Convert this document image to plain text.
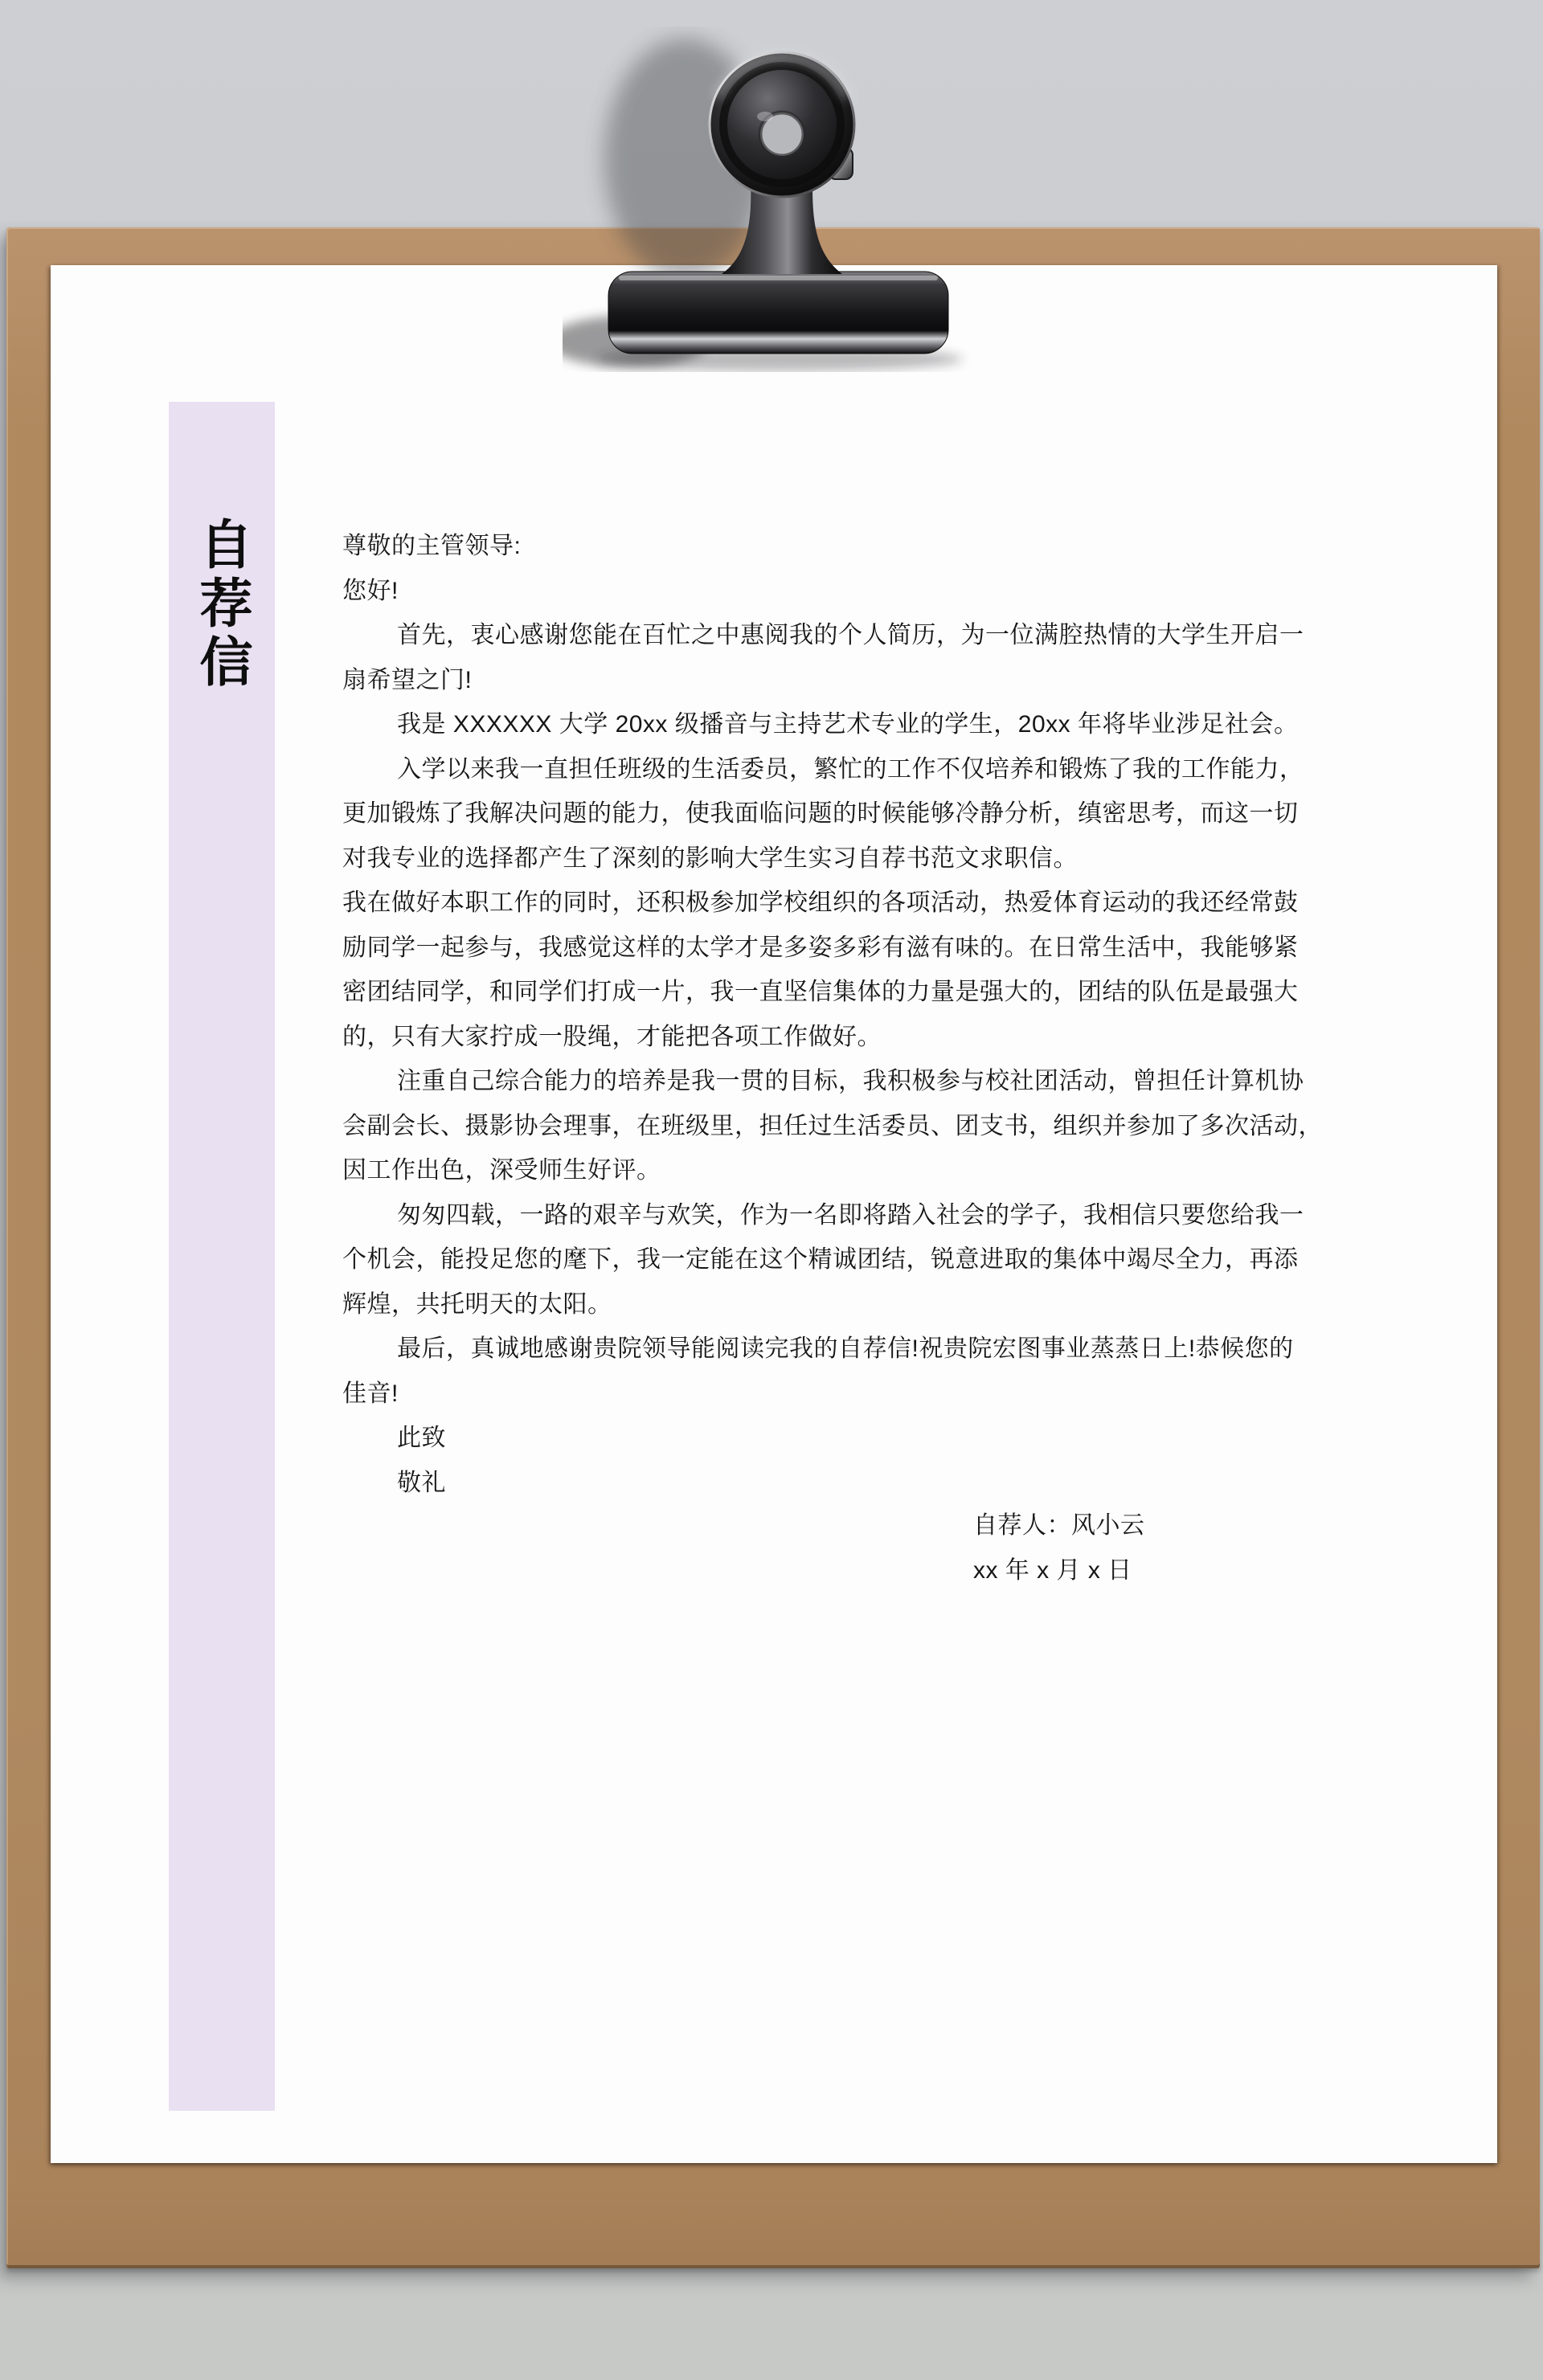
自荐信	尊敬的主管领导:
您好!
首先，衷心感谢您能在百忙之中惠阅我的个人简历，为一位满腔热情的大学生开启一
扇希望之门!
我是 XXXXXX 大学 20xx 级播音与主持艺术专业的学生，20xx 年将毕业涉足社会。
入学以来我一直担任班级的生活委员，繁忙的工作不仅培养和锻炼了我的工作能力，
更加锻炼了我解决问题的能力，使我面临问题的时候能够冷静分析，缜密思考，而这一切
对我专业的选择都产生了深刻的影响大学生实习自荐书范文求职信。
我在做好本职工作的同时，还积极参加学校组织的各项活动，热爱体育运动的我还经常鼓
励同学一起参与，我感觉这样的太学才是多姿多彩有滋有味的。在日常生活中，我能够紧
密团结同学，和同学们打成一片，我一直坚信集体的力量是强大的，团结的队伍是最强大
的，只有大家拧成一股绳，才能把各项工作做好。
注重自己综合能力的培养是我一贯的目标，我积极参与校社团活动，曾担任计算机协
会副会长、摄影协会理事，在班级里，担任过生活委员、团支书，组织并参加了多次活动，
因工作出色，深受师生好评。
匆匆四载，一路的艰辛与欢笑，作为一名即将踏入社会的学子，我相信只要您给我一
个机会，能投足您的麾下，我一定能在这个精诚团结，锐意进取的集体中竭尽全力，再添
辉煌，共托明天的太阳。
最后，真诚地感谢贵院领导能阅读完我的自荐信!祝贵院宏图事业蒸蒸日上!恭候您的
佳音!
此致
敬礼
自荐人：风小云
xx 年 x 月 x 日
